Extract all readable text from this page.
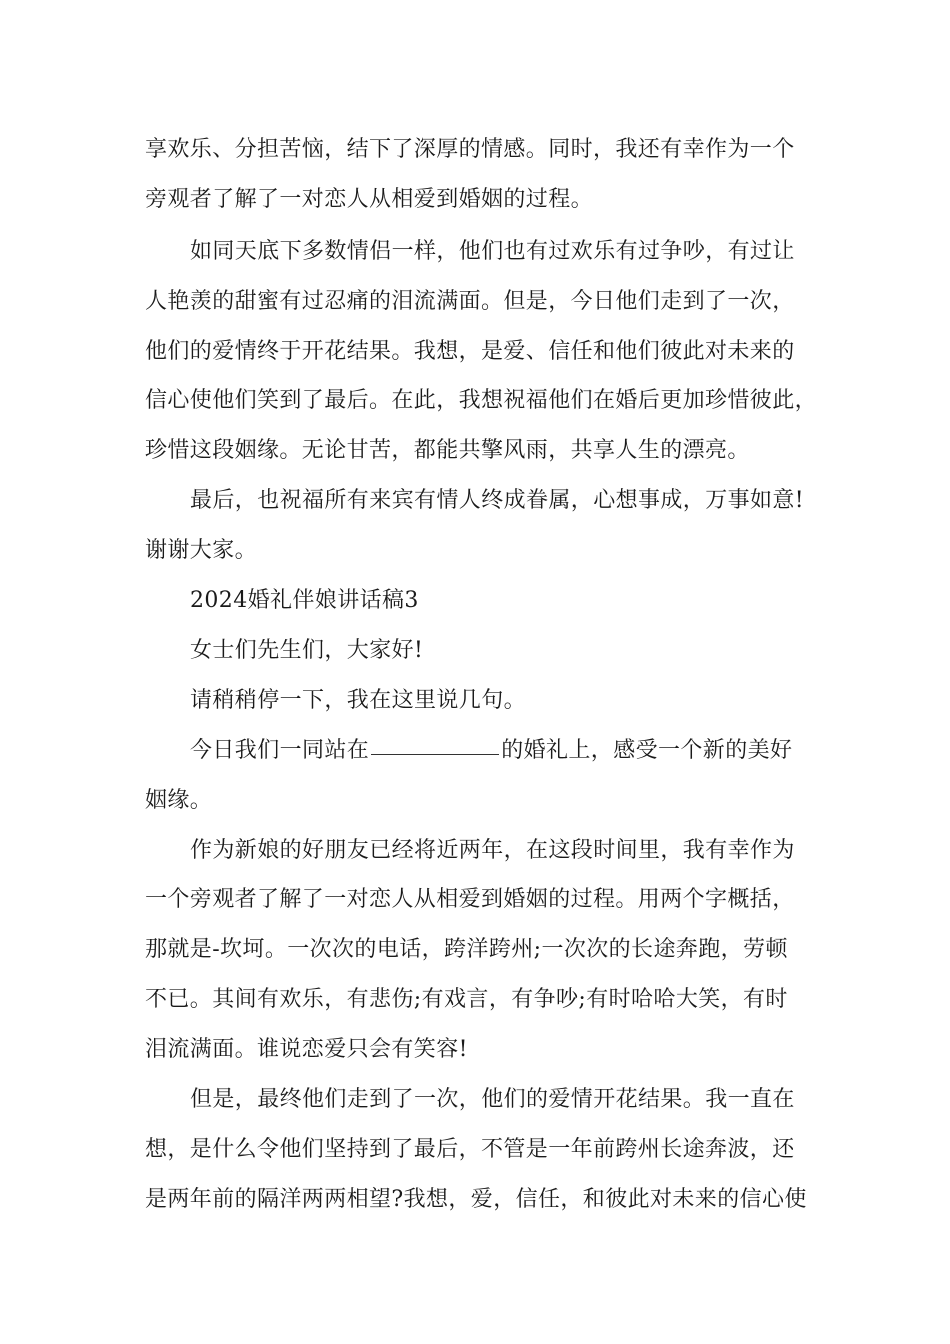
享欢乐、分担苦恼，结下了深厚的情感。同时，我还有幸作为一个
旁观者了解了一对恋人从相爱到婚姻的过程。
如同天底下多数情侣一样，他们也有过欢乐有过争吵，有过让
人艳羡的甜蜜有过忍痛的泪流满面。但是，今日他们走到了一次，
他们的爱情终于开花结果。我想，是爱、信任和他们彼此对未来的
信心使他们笑到了最后。在此，我想祝福他们在婚后更加珍惜彼此，
珍惜这段姻缘。无论甘苦，都能共擎风雨，共享人生的漂亮。
最后，也祝福所有来宾有情人终成眷属，心想事成，万事如意!
谢谢大家。
2024婚礼伴娘讲话稿3
女士们先生们，大家好!
请稍稍停一下，我在这里说几句。
今日我们一同站在	的婚礼上，感受一个新的美好
姻缘。
作为新娘的好朋友已经将近两年，在这段时间里，我有幸作为
一个旁观者了解了一对恋人从相爱到婚姻的过程。用两个字概括，
那就是-坎坷。一次次的电话，跨洋跨州;一次次的长途奔跑，劳顿
不已。其间有欢乐，有悲伤;有戏言，有争吵;有时哈哈大笑，有时
泪流满面。谁说恋爱只会有笑容!
但是，最终他们走到了一次，他们的爱情开花结果。我一直在
想，是什么令他们坚持到了最后，不管是一年前跨州长途奔波，还
是两年前的隔洋两两相望?我想，爱，信任，和彼此对未来的信心使
